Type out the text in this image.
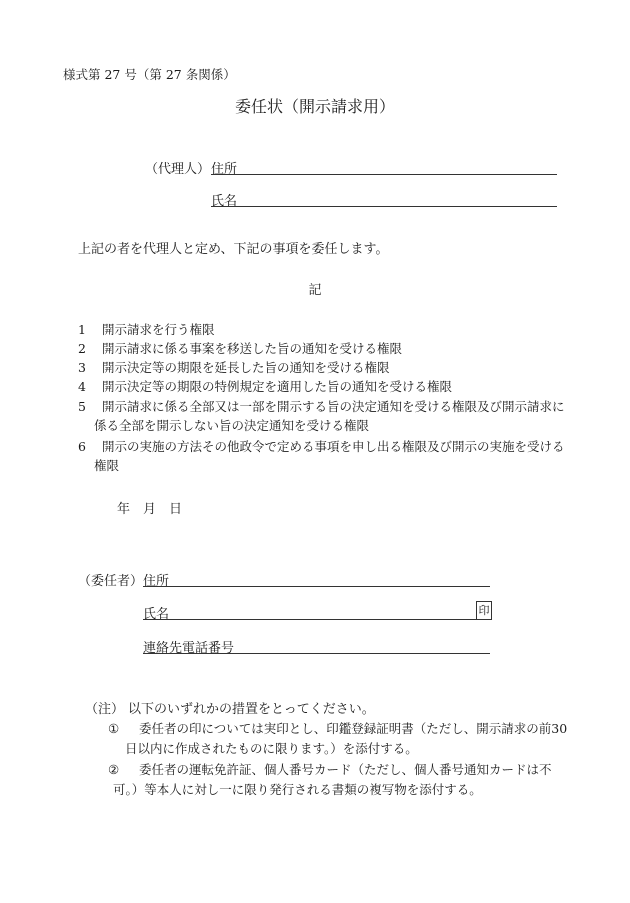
様式第 27 号（第 27 条関係）
委任状（開示請求用）
（代理人） 住所
氏名
上記の者を代理人と定め、下記の事項を委任します。
記
1	開示請求を行う権限
2	開示請求に係る事案を移送した旨の通知を受ける権限
3	開示決定等の期限を延長した旨の通知を受ける権限
4	開示決定等の期限の特例規定を適用した旨の通知を受ける権限
5	開示請求に係る全部又は一部を開示する旨の決定通知を受ける権限及び開示請求に係る全部を開示しない旨の決定通知を受ける権限
6	開示の実施の方法その他政令で定める事項を申し出る権限及び開示の実施を受ける権限
年 月 日
（委任者） 住所
氏名	印
連絡先電話番号
（注） 以下のいずれかの措置をとってください。
①	委任者の印については実印とし、印鑑登録証明書（ただし、開示請求の前30日以内に作成されたものに限ります。）を添付する。
②	委任者の運転免許証、個人番号カード（ただし、個人番号通知カードは不可。）等本人に対し一に限り発行される書類の複写物を添付する。
